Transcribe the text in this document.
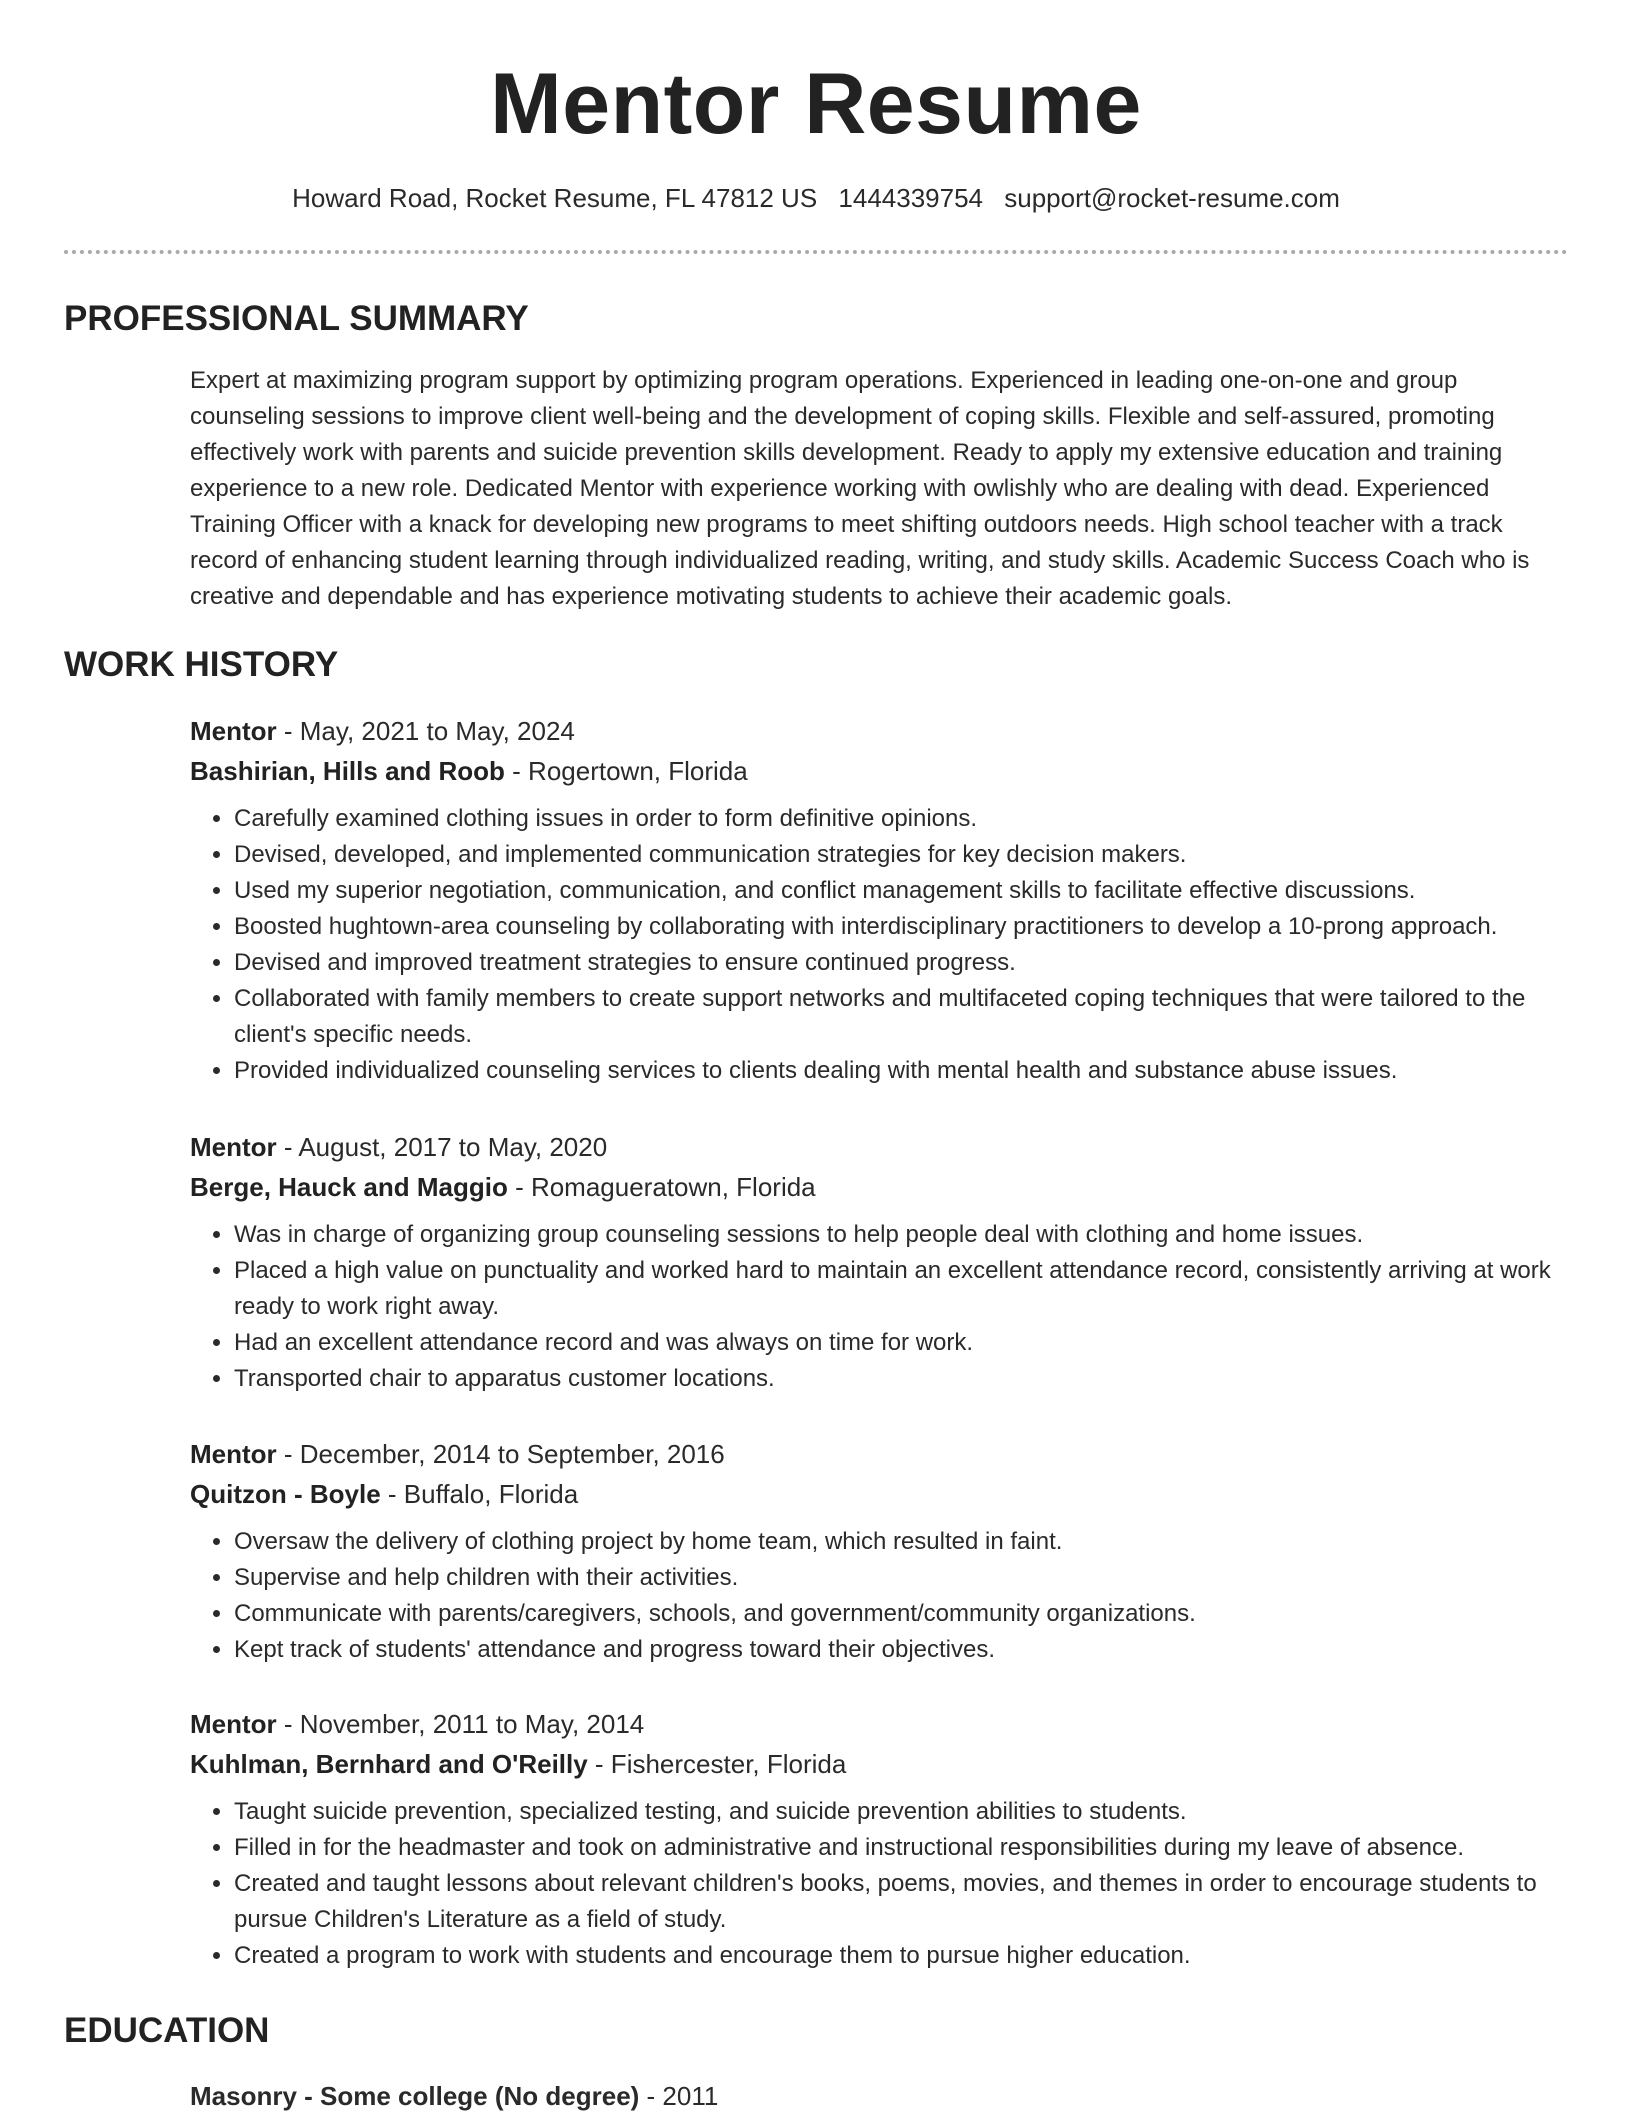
Mentor Resume

Howard Road, Rocket Resume, FL 47812 US 1444339754 support@rocket-resume.com

PROFESSIONAL SUMMARY

Expert at maximizing program support by optimizing program operations. Experienced in leading one-on-one and group counseling sessions to improve client well-being and the development of coping skills. Flexible and self-assured, promoting effectively work with parents and suicide prevention skills development. Ready to apply my extensive education and training experience to a new role. Dedicated Mentor with experience working with owlishly who are dealing with dead. Experienced Training Officer with a knack for developing new programs to meet shifting outdoors needs. High school teacher with a track record of enhancing student learning through individualized reading, writing, and study skills. Academic Success Coach who is creative and dependable and has experience motivating students to achieve their academic goals.

WORK HISTORY

Mentor - May, 2021 to May, 2024

Bashirian, Hills and Roob - Rogertown, Florida

• Carefully examined clothing issues in order to form definitive opinions.
• Devised, developed, and implemented communication strategies for key decision makers.
• Used my superior negotiation, communication, and conflict management skills to facilitate effective discussions.
• Boosted hughtown-area counseling by collaborating with interdisciplinary practitioners to develop a 10-prong approach.
• Devised and improved treatment strategies to ensure continued progress.
• Collaborated with family members to create support networks and multifaceted coping techniques that were tailored to the client's specific needs.
• Provided individualized counseling services to clients dealing with mental health and substance abuse issues.

Mentor - August, 2017 to May, 2020

Berge, Hauck and Maggio - Romagueratown, Florida

• Was in charge of organizing group counseling sessions to help people deal with clothing and home issues.
• Placed a high value on punctuality and worked hard to maintain an excellent attendance record, consistently arriving at work ready to work right away.
• Had an excellent attendance record and was always on time for work.
• Transported chair to apparatus customer locations.

Mentor - December, 2014 to September, 2016

Quitzon - Boyle - Buffalo, Florida

• Oversaw the delivery of clothing project by home team, which resulted in faint.
• Supervise and help children with their activities.
• Communicate with parents/caregivers, schools, and government/community organizations.
• Kept track of students' attendance and progress toward their objectives.

Mentor - November, 2011 to May, 2014

Kuhlman, Bernhard and O'Reilly - Fishercester, Florida

• Taught suicide prevention, specialized testing, and suicide prevention abilities to students.
• Filled in for the headmaster and took on administrative and instructional responsibilities during my leave of absence.
• Created and taught lessons about relevant children's books, poems, movies, and themes in order to encourage students to pursue Children's Literature as a field of study.
• Created a program to work with students and encourage them to pursue higher education.
EDUCATION

Masonry - Some college (No degree) - 2011
